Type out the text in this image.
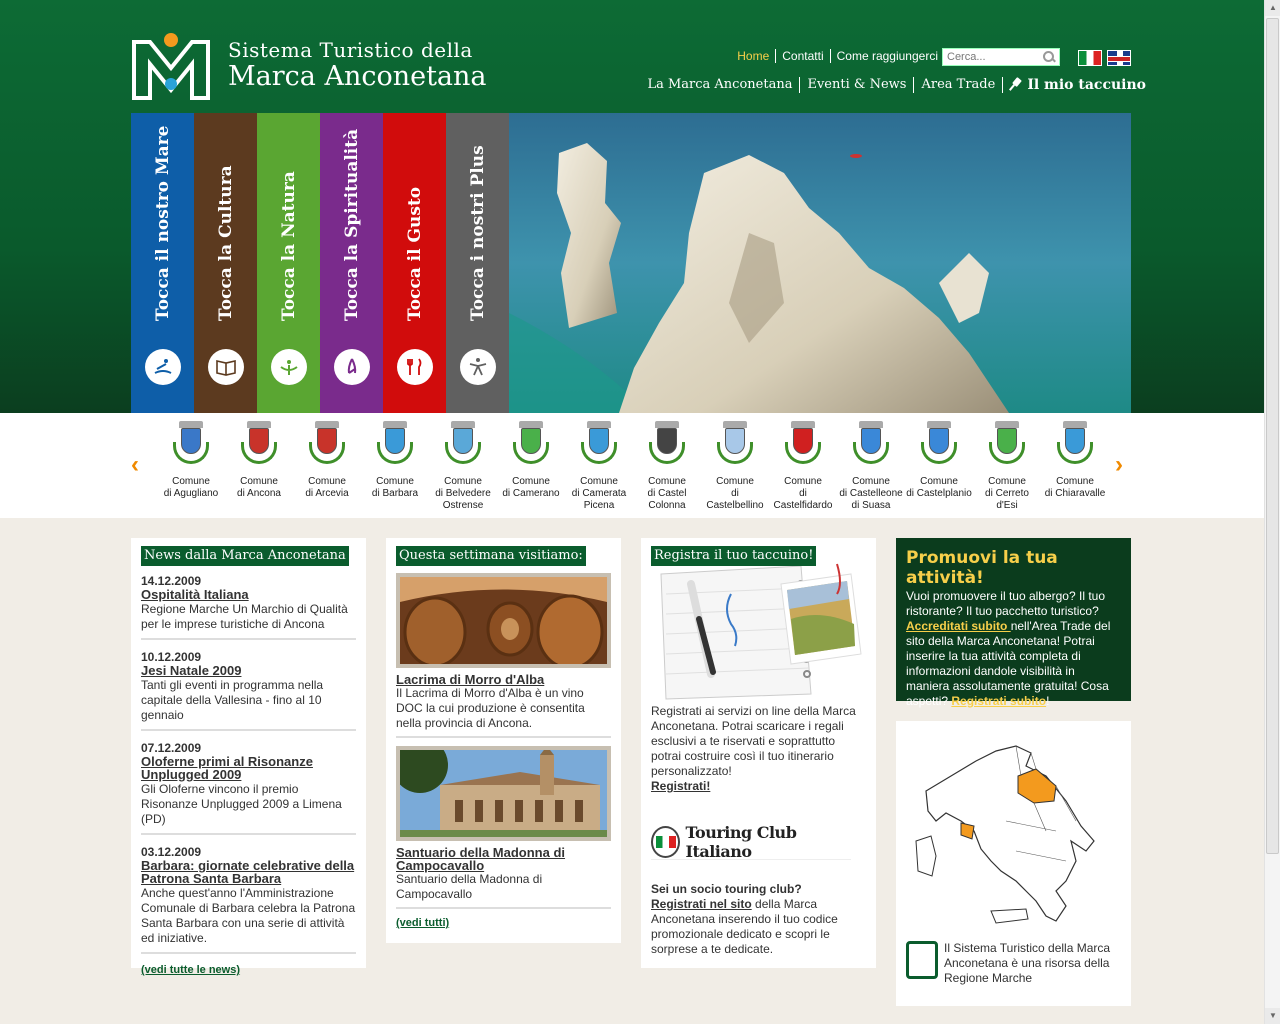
Sistema Turistico della
Marca Anconetana
Home	Contatti	Come raggiungerci Cerca...
La Marca Anconetana	Eventi & News	Area Trade	Il mio taccuino
Tocca il nostro Mare	Tocca la Cultura	Tocca la Natura	Tocca la Spiritualità	Tocca il Gusto	Tocca i nostri Plus
‹
Comune
di Agugliano
Comune
di Ancona
Comune
di Arcevia
Comune
di Barbara
Comune
di Belvedere
Ostrense
Comune
di Camerano
Comune
di Camerata
Picena
Comune
di Castel
Colonna
Comune
di
Castelbellino
Comune
di
Castelfidardo
Comune
di Castelleone
di Suasa
Comune
di Castelplanio
Comune
di Cerreto
d'Esi
Comune
di Chiaravalle
›
News dalla Marca Anconetana
14.12.2009
Ospitalità Italiana
Regione Marche Un Marchio di Qualità per le imprese turistiche di Ancona
10.12.2009
Jesi Natale 2009
Tanti gli eventi in programma nella capitale della Vallesina - fino al 10 gennaio
07.12.2009
Oloferne primi al Risonanze Unplugged 2009
Gli Oloferne vincono il premio Risonanze Unplugged 2009 a Limena (PD)
03.12.2009
Barbara: giornate celebrative della Patrona Santa Barbara
Anche quest'anno l'Amministrazione Comunale di Barbara celebra la Patrona Santa Barbara con una serie di attività ed iniziative.
(vedi tutte le news)
Questa settimana visitiamo:
Lacrima di Morro d'Alba
Il Lacrima di Morro d'Alba è un vino DOC la cui produzione è consentita nella provincia di Ancona.
Santuario della Madonna di Campocavallo
Santuario della Madonna di Campocavallo
(vedi tutti)
Registra il tuo taccuino!

Registrati ai servizi on line della Marca Anconetana. Potrai scaricare i regali esclusivi a te riservati e soprattutto potrai costruire così il tuo itinerario personalizzato!

Registrati!

Touring Club Italiano

Sei un socio touring club?

Registrati nel sito della Marca Anconetana inserendo il tuo codice promozionale dedicato e scopri le sorprese a te dedicate.

Promuovi la tua attività!

Vuoi promuovere il tuo albergo? Il tuo ristorante? Il tuo pacchetto turistico? Accreditati subito nell'Area Trade del sito della Marca Anconetana! Potrai inserire la tua attività completa di informazioni dandole visibilità in maniera assolutamente gratuita! Cosa aspetti? Registrati subito!

Il Sistema Turistico della Marca Anconetana è una risorsa della Regione Marche

▲
▼
